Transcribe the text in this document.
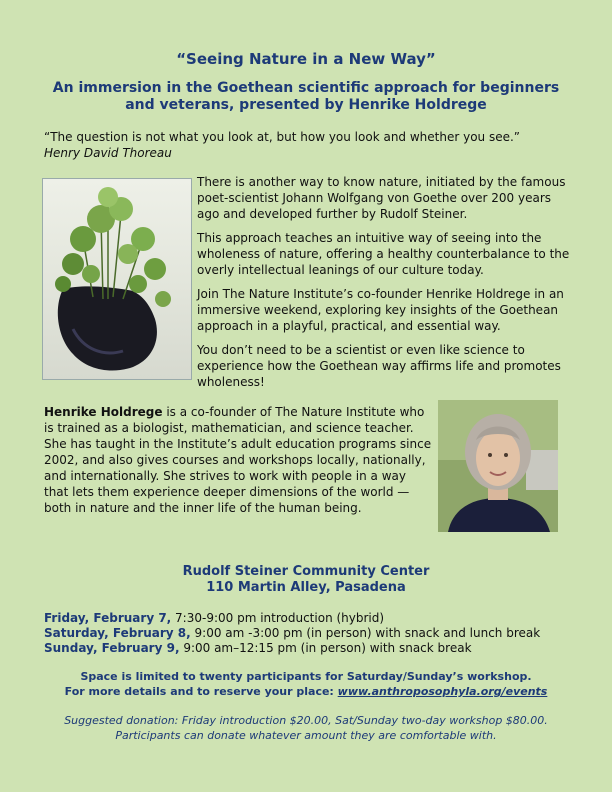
“Seeing Nature in a New Way”
An immersion in the Goethean scientific approach for beginners and veterans, presented by Henrike Holdrege
“The question is not what you look at, but how you look and whether you see.”
Henry David Thoreau

There is another way to know nature, initiated by the famous poet-scientist Johann Wolfgang von Goethe over 200 years ago and developed further by Rudolf Steiner.

This approach teaches an intuitive way of seeing into the wholeness of nature, offering a healthy counterbalance to the overly intellectual leanings of our culture today.

Join The Nature Institute’s co-founder Henrike Holdrege in an immersive weekend, exploring key insights of the Goethean approach in a playful, practical, and essential way.

You don’t need to be a scientist or even like science to experience how the Goethean way affirms life and promotes wholeness!

Henrike Holdrege is a co-founder of The Nature Institute who is trained as a biologist, mathematician, and science teacher. She has taught in the Institute’s adult education programs since 2002, and also gives courses and workshops locally, nationally, and internationally. She strives to work with people in a way that lets them experience deeper dimensions of the world — both in nature and the inner life of the human being.
Rudolf Steiner Community Center
110 Martin Alley, Pasadena
Friday, February 7, 7:30-9:00 pm introduction (hybrid)
Saturday, February 8, 9:00 am -3:00 pm (in person) with snack and lunch break
Sunday, February 9, 9:00 am–12:15 pm (in person) with snack break
Space is limited to twenty participants for Saturday/Sunday’s workshop.
For more details and to reserve your place: www.anthroposophyla.org/events
Suggested donation: Friday introduction $20.00, Sat/Sunday two-day workshop $80.00.
Participants can donate whatever amount they are comfortable with.
